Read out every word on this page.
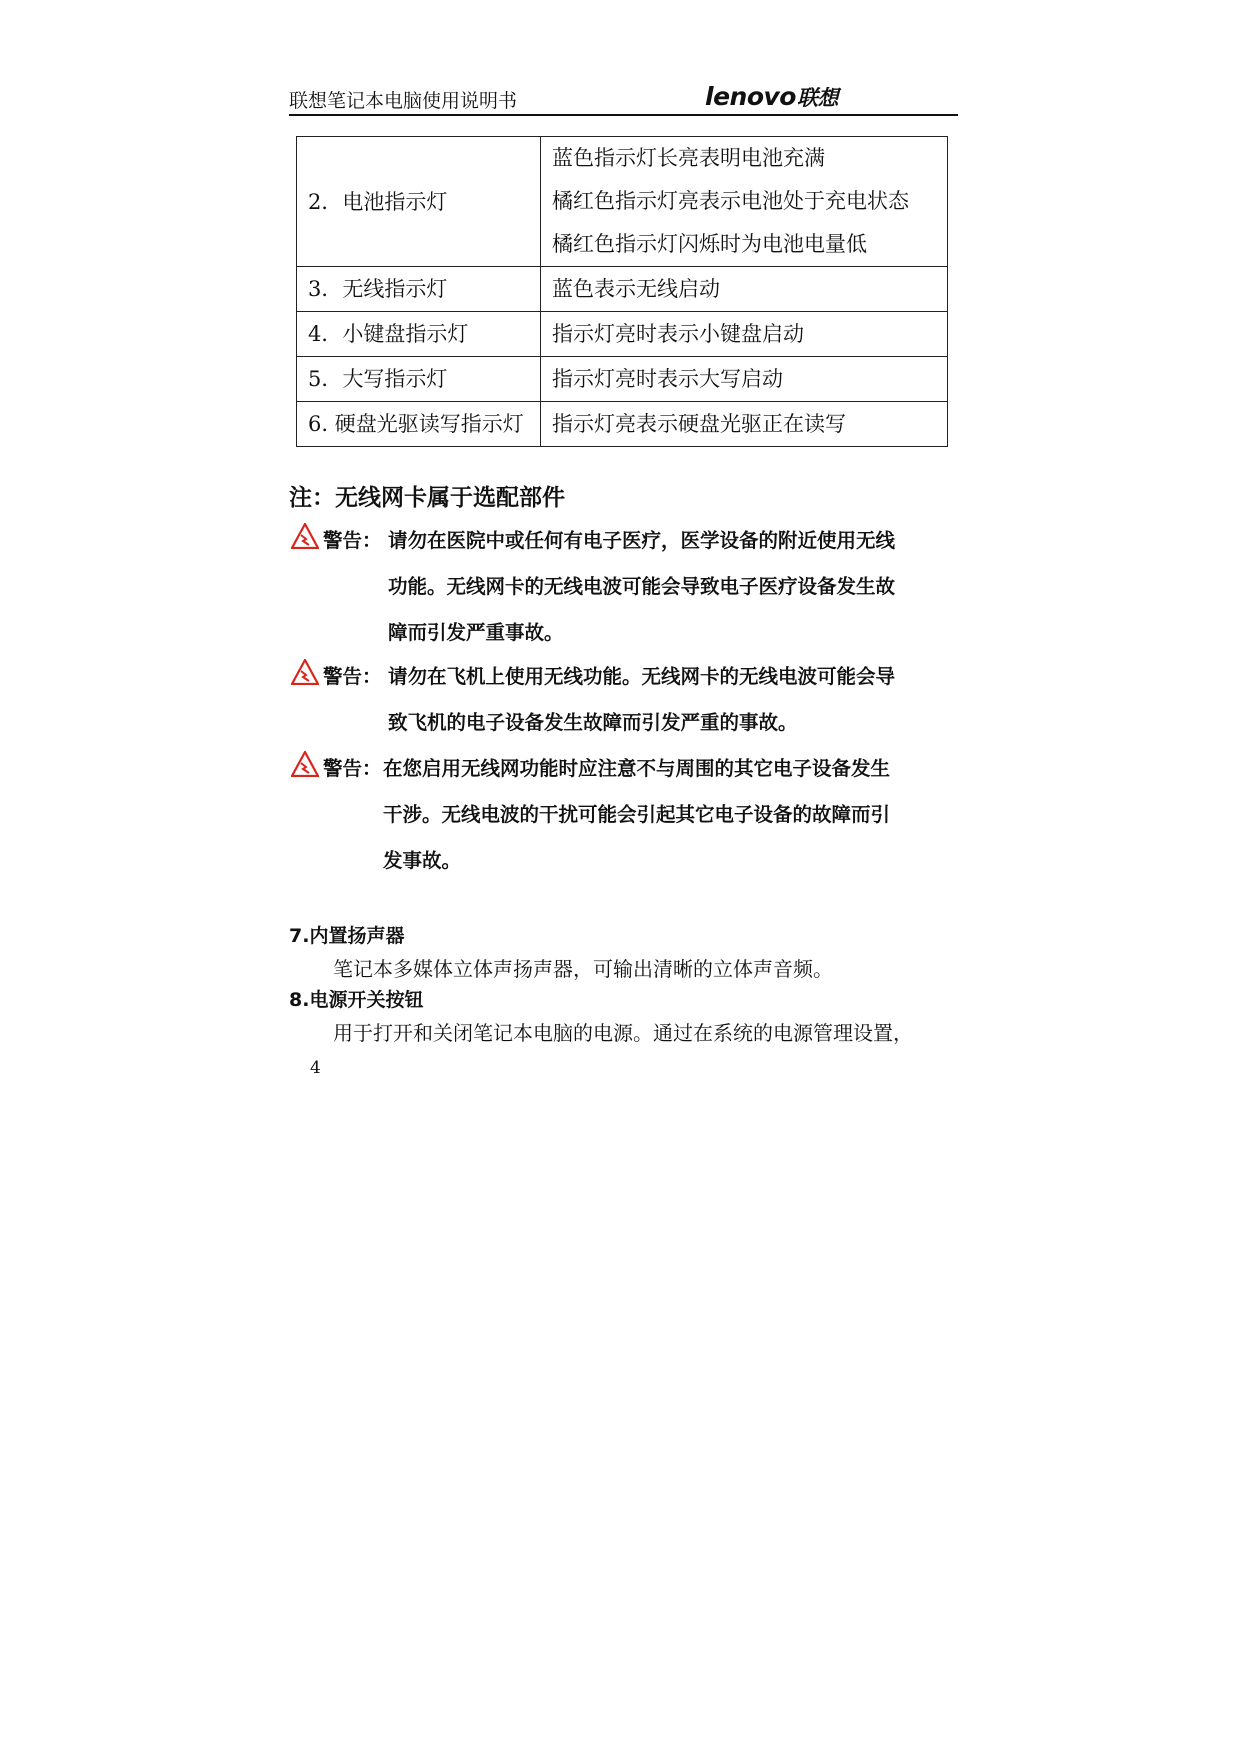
联想笔记本电脑使用说明书	lenovo联想
2．电池指示灯	蓝色指示灯长亮表明电池充满
橘红色指示灯亮表示电池处于充电状态
橘红色指示灯闪烁时为电池电量低

3．无线指示灯	蓝色表示无线启动

4．小键盘指示灯	指示灯亮时表示小键盘启动

5．大写指示灯	指示灯亮时表示大写启动

6. 硬盘光驱读写指示灯	指示灯亮表示硬盘光驱正在读写
注：无线网卡属于选配部件
警告： 请勿在医院中或任何有电子医疗，医学设备的附近使用无线
功能。无线网卡的无线电波可能会导致电子医疗设备发生故
障而引发严重事故。
警告： 请勿在飞机上使用无线功能。无线网卡的无线电波可能会导
致飞机的电子设备发生故障而引发严重的事故。
警告： 在您启用无线网功能时应注意不与周围的其它电子设备发生
干涉。无线电波的干扰可能会引起其它电子设备的故障而引
发事故。
7.内置扬声器
笔记本多媒体立体声扬声器，可输出清晰的立体声音频。
8.电源开关按钮
用于打开和关闭笔记本电脑的电源。通过在系统的电源管理设置，
4
